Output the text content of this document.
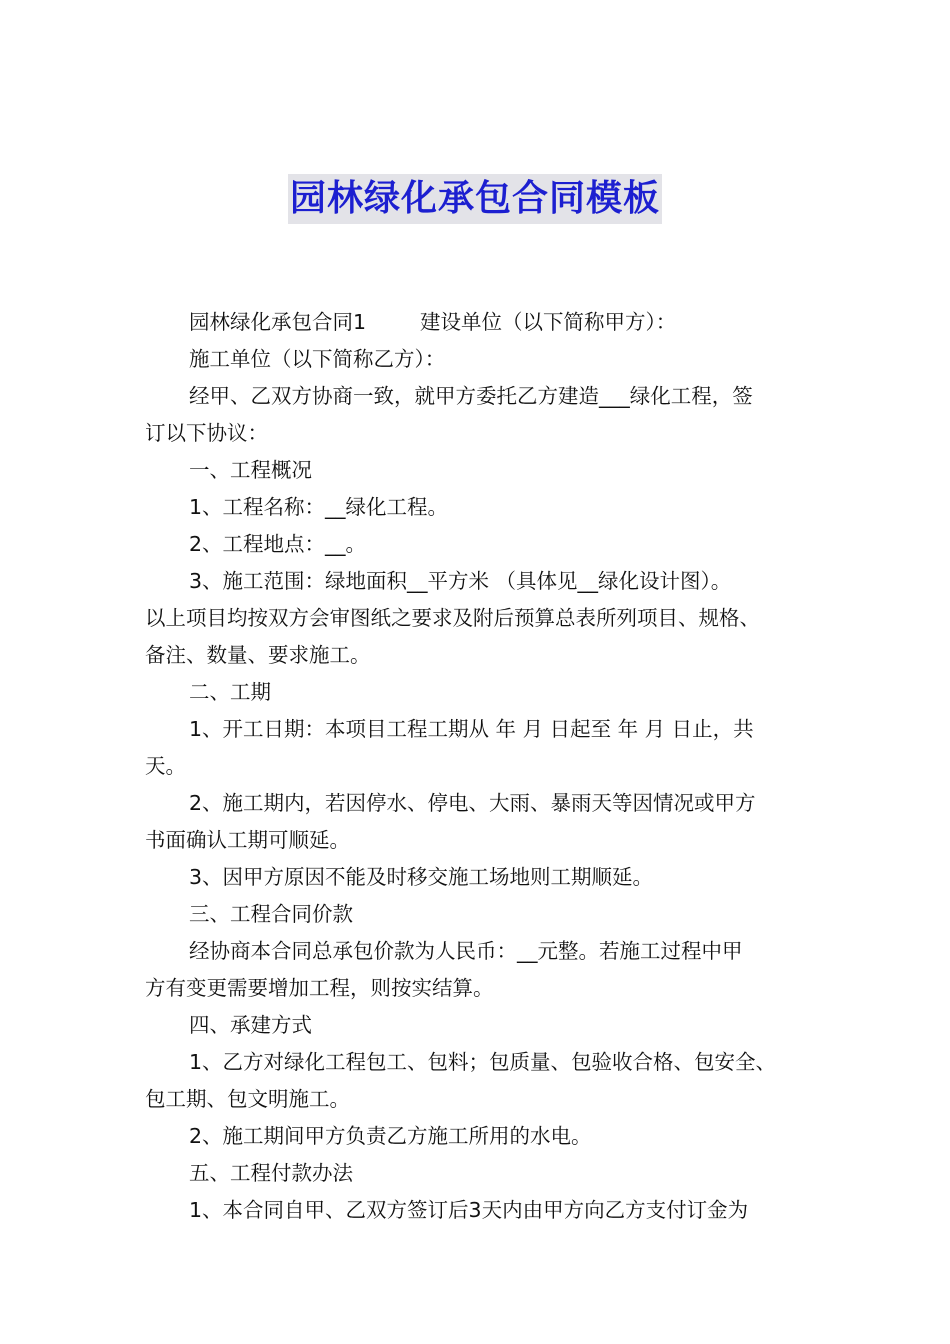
园林绿化承包合同模板

园林绿化承包合同1	建设单位（以下简称甲方）：

施工单位（以下简称乙方）：

经甲、乙双方协商一致，就甲方委托乙方建造___绿化工程，签

订以下协议：

一、工程概况

1、工程名称：__绿化工程。

2、工程地点：__。

3、施工范围：绿地面积__平方米 （具体见__绿化设计图）。

以上项目均按双方会审图纸之要求及附后预算总表所列项目、规格、

备注、数量、要求施工。

二、工期

1、开工日期：本项目工程工期从 年 月 日起至 年 月 日止，共

天。

2、施工期内，若因停水、停电、大雨、暴雨天等因情况或甲方

书面确认工期可顺延。

3、因甲方原因不能及时移交施工场地则工期顺延。

三、工程合同价款

经协商本合同总承包价款为人民币：__元整。若施工过程中甲

方有变更需要增加工程，则按实结算。

四、承建方式

1、乙方对绿化工程包工、包料；包质量、包验收合格、包安全、

包工期、包文明施工。

2、施工期间甲方负责乙方施工所用的水电。

五、工程付款办法

1、本合同自甲、乙双方签订后3天内由甲方向乙方支付订金为
